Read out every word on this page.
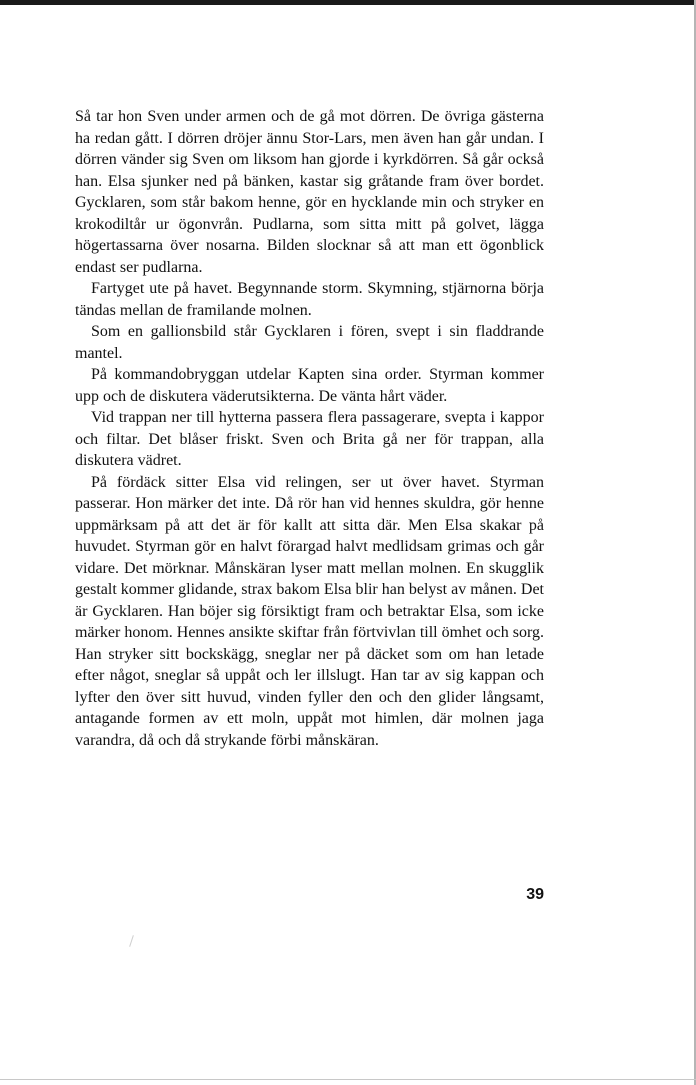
Så tar hon Sven under armen och de gå mot dörren. De övriga gästerna ha redan gått. I dörren dröjer ännu Stor-Lars, men även han går undan. I dörren vänder sig Sven om liksom han gjorde i kyrkdörren. Så går också han. Elsa sjunker ned på bänken, kastar sig gråtande fram över bordet. Gycklaren, som står bakom henne, gör en hycklande min och stryker en krokodiltår ur ögonvrån. Pudlarna, som sitta mitt på golvet, lägga högertassarna över nosarna. Bilden slocknar så att man ett ögonblick endast ser pudlarna.

Fartyget ute på havet. Begynnande storm. Skymning, stjärnorna börja tändas mellan de framilande molnen.

Som en gallionsbild står Gycklaren i fören, svept i sin fladdrande mantel.

På kommandobryggan utdelar Kapten sina order. Styrman kommer upp och de diskutera väderutsikterna. De vänta hårt väder.

Vid trappan ner till hytterna passera flera passagerare, svepta i kappor och filtar. Det blåser friskt. Sven och Brita gå ner för trappan, alla diskutera vädret.

På fördäck sitter Elsa vid relingen, ser ut över havet. Styrman passerar. Hon märker det inte. Då rör han vid hennes skuldra, gör henne uppmärksam på att det är för kallt att sitta där. Men Elsa skakar på huvudet. Styrman gör en halvt förargad halvt medlidsam grimas och går vidare. Det mörknar. Månskäran lyser matt mellan molnen. En skugglik gestalt kommer glidande, strax bakom Elsa blir han belyst av månen. Det är Gycklaren. Han böjer sig försiktigt fram och betraktar Elsa, som icke märker honom. Hennes ansikte skiftar från förtvivlan till ömhet och sorg. Han stryker sitt bockskägg, sneglar ner på däcket som om han letade efter något, sneglar så uppåt och ler illslugt. Han tar av sig kappan och lyfter den över sitt huvud, vinden fyller den och den glider långsamt, antagande formen av ett moln, uppåt mot himlen, där molnen jaga varandra, då och då strykande förbi månskäran.

39
